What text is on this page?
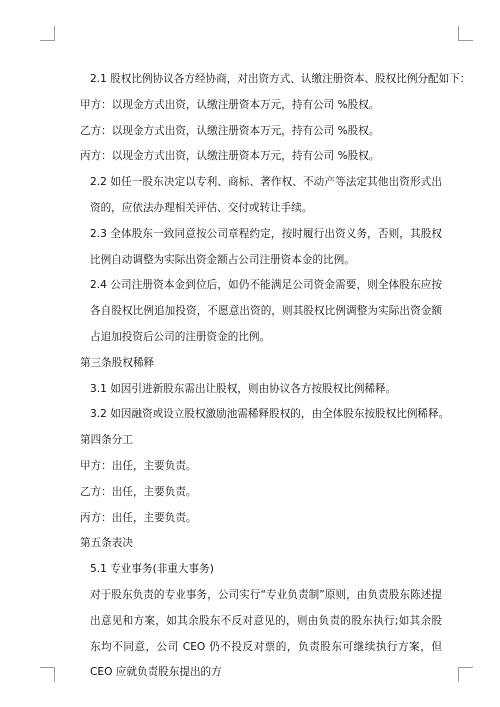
2.1 股权比例协议各方经协商，对出资方式、认缴注册资本、股权比例分配如下：

甲方：以现金方式出资，认缴注册资本万元，持有公司 %股权。

乙方：以现金方式出资，认缴注册资本万元，持有公司 %股权。

丙方：以现金方式出资，认缴注册资本万元，持有公司 %股权。

2.2 如任一股东决定以专利、商标、著作权、不动产等法定其他出资形式出资的，应依法办理相关评估、交付或转让手续。

2.3 全体股东一致同意按公司章程约定，按时履行出资义务，否则，其股权比例自动调整为实际出资金额占公司注册资本金的比例。

2.4 公司注册资本金到位后，如仍不能满足公司资金需要，则全体股东应按各自股权比例追加投资，不愿意出资的，则其股权比例调整为实际出资金额占追加投资后公司的注册资金的比例。

第三条股权稀释

3.1 如因引进新股东需出让股权，则由协议各方按股权比例稀释。

3.2 如因融资或设立股权激励池需稀释股权的，由全体股东按股权比例稀释。

第四条分工

甲方：出任，主要负责。

乙方：出任，主要负责。

丙方：出任，主要负责。

第五条表决

5.1 专业事务(非重大事务)

对于股东负责的专业事务，公司实行“专业负责制”原则，由负责股东陈述提出意见和方案，如其余股东不反对意见的，则由负责的股东执行;如其余股东均不同意，公司 CEO 仍不投反对票的，负责股东可继续执行方案，但 CEO 应就负责股东提出的方
